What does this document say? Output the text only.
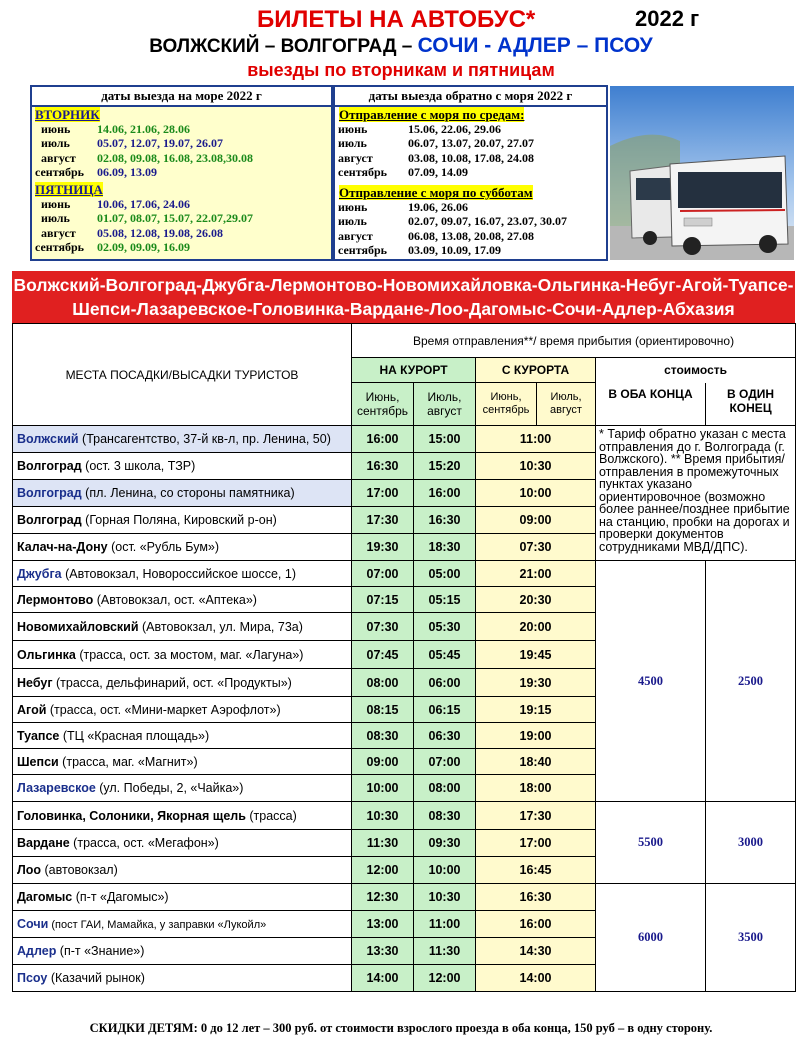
БИЛЕТЫ НА АВТОБУС*	2022 г
ВОЛЖСКИЙ – ВОЛГОГРАД – СОЧИ - АДЛЕР – ПСОУ
выезды по вторникам и пятницам
даты выезда на море 2022 г
ВТОРНИК
июнь 14.06, 21.06, 28.06
июль 05.07, 12.07, 19.07, 26.07
август 02.08, 09.08, 16.08, 23.08,30.08
сентябрь 06.09, 13.09
ПЯТНИЦА
июнь 10.06, 17.06, 24.06
июль 01.07, 08.07, 15.07, 22.07,29.07
август 05.08, 12.08, 19.08, 26.08
сентябрь 02.09, 09.09, 16.09
даты выезда обратно с моря 2022 г
Отправление с моря по средам:
июнь	15.06, 22.06, 29.06
июль	06.07, 13.07, 20.07, 27.07
август	03.08, 10.08, 17.08, 24.08
сентябрь 07.09, 14.09
Отправление с моря по субботам
июнь	19.06, 26.06
июль	02.07, 09.07, 16.07, 23.07, 30.07
август	06.08, 13.08, 20.08, 27.08
сентябрь 03.09, 10.09, 17.09
Волжский-Волгоград-Джубга-Лермонтово-Новомихайловка-Ольгинка-Небуг-Агой-Туапсе-Шепси-Лазаревское-Головинка-Вардане-Лоо-Дагомыс-Сочи-Адлер-Абхазия
МЕСТА ПОСАДКИ/ВЫСАДКИ ТУРИСТОВ	Время отправления**/ время прибытия (ориентировочно)					
	НА КУРОРТ		С КУРОРТА		стоимость	
	Июнь, сентябрь	Июль, август	Июнь, сентябрь	Июль, август	В ОБА КОНЦА	В ОДИН КОНЕЦ
Волжский (Трансагентство, 37-й кв-л, пр. Ленина, 50)	16:00	15:00	11:00		* Тариф обратно указан с места отправления до г. Волгограда (г. Волжского). ** Время прибытия/отправления в промежуточных пунктах указано ориентировочное (возможно более раннее/позднее прибытие на станцию, пробки на дорогах и проверки документов сотрудниками МВД/ДПС).	
Волгоград (ост. 3 школа, ТЗР)	16:30	15:20	10:30			
Волгоград (пл. Ленина, со стороны памятника)	17:00	16:00	10:00			
Волгоград (Горная Поляна, Кировский р-он)	17:30	16:30	09:00			
Калач-на-Дону (ост. «Рубль Бум»)	19:30	18:30	07:30			
Джубга (Автовокзал, Новороссийское шоссе, 1)	07:00	05:00	21:00		4500	2500
Лермонтово (Автовокзал, ост. «Аптека»)	07:15	05:15	20:30			
Новомихайловский (Автовокзал, ул. Мира, 73а)	07:30	05:30	20:00			
Ольгинка (трасса, ост. за мостом, маг. «Лагуна»)	07:45	05:45	19:45			
Небуг (трасса, дельфинарий, ост. «Продукты»)	08:00	06:00	19:30			
Агой (трасса, ост. «Мини-маркет Аэрофлот»)	08:15	06:15	19:15			
Туапсе (ТЦ «Красная площадь»)	08:30	06:30	19:00			
Шепси (трасса, маг. «Магнит»)	09:00	07:00	18:40			
Лазаревское (ул. Победы, 2, «Чайка»)	10:00	08:00	18:00			
Головинка, Солоники, Якорная щель (трасса)	10:30	08:30	17:30		5500	3000
Вардане (трасса, ост. «Мегафон»)	11:30	09:30	17:00			
Лоо (автовокзал)	12:00	10:00	16:45			
Дагомыс (п-т «Дагомыс»)	12:30	10:30	16:30		6000	3500
Сочи (пост ГАИ, Мамайка, у заправки «Лукойл»	13:00	11:00	16:00			
Адлер (п-т «Знание»)	13:30	11:30	14:30			
Псоу (Казачий рынок)	14:00	12:00	14:00			
СКИДКИ ДЕТЯМ: 0 до 12 лет – 300 руб. от стоимости взрослого проезда в оба конца, 150 руб – в одну сторону.
